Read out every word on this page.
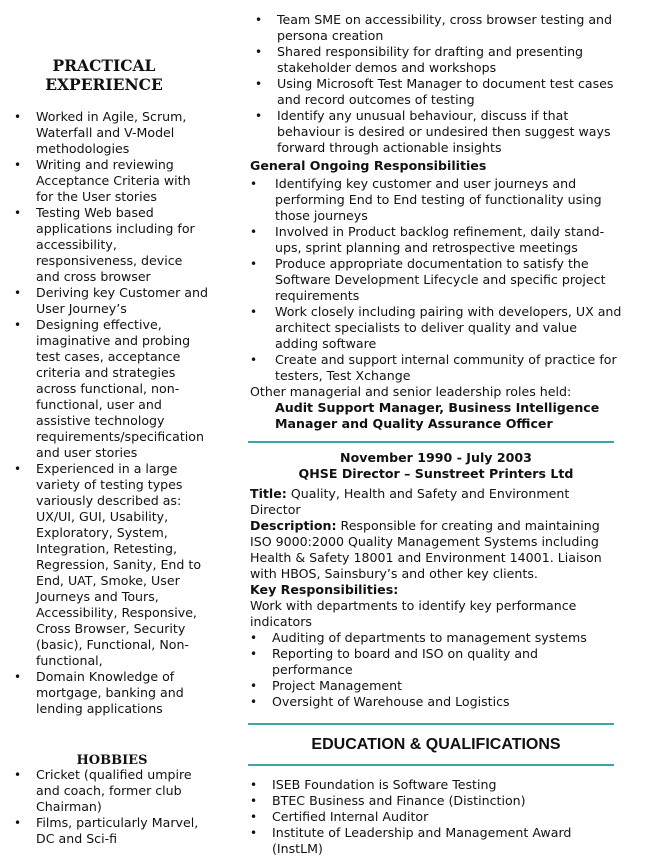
PRACTICAL
EXPERIENCE
• Worked in Agile, Scrum, Waterfall and V-Model methodologies
• Writing and reviewing Acceptance Criteria with for the User stories
• Testing Web based applications including for accessibility, responsiveness, device and cross browser
• Deriving key Customer and User Journey’s
• Designing effective, imaginative and probing test cases, acceptance criteria and strategies across functional, non-functional, user and assistive technology requirements/specification and user stories
• Experienced in a large variety of testing types variously described as: UX/UI, GUI, Usability, Exploratory, System, Integration, Retesting, Regression, Sanity, End to End, UAT, Smoke, User Journeys and Tours, Accessibility, Responsive, Cross Browser, Security (basic), Functional, Non-functional,
• Domain Knowledge of mortgage, banking and lending applications
HOBBIES
• Cricket (qualified umpire and coach, former club Chairman)
• Films, particularly Marvel, DC and Sci-fi
• Team SME on accessibility, cross browser testing and persona creation
• Shared responsibility for drafting and presenting stakeholder demos and workshops
• Using Microsoft Test Manager to document test cases and record outcomes of testing
• Identify any unusual behaviour, discuss if that behaviour is desired or undesired then suggest ways forward through actionable insights
General Ongoing Responsibilities
• Identifying key customer and user journeys and performing End to End testing of functionality using those journeys
• Involved in Product backlog refinement, daily stand-ups, sprint planning and retrospective meetings
• Produce appropriate documentation to satisfy the Software Development Lifecycle and specific project requirements
• Work closely including pairing with developers, UX and architect specialists to deliver quality and value adding software
• Create and support internal community of practice for testers, Test Xchange
Other managerial and senior leadership roles held:
Audit Support Manager, Business Intelligence Manager and Quality Assurance Officer
November 1990 - July 2003
QHSE Director – Sunstreet Printers Ltd
Title: Quality, Health and Safety and Environment Director
Description: Responsible for creating and maintaining ISO 9000:2000 Quality Management Systems including Health & Safety 18001 and Environment 14001. Liaison with HBOS, Sainsbury’s and other key clients.
Key Responsibilities:
Work with departments to identify key performance indicators
• Auditing of departments to management systems
• Reporting to board and ISO on quality and performance
• Project Management
• Oversight of Warehouse and Logistics
EDUCATION & QUALIFICATIONS
• ISEB Foundation is Software Testing
• BTEC Business and Finance (Distinction)
• Certified Internal Auditor
• Institute of Leadership and Management Award (InstLM)
